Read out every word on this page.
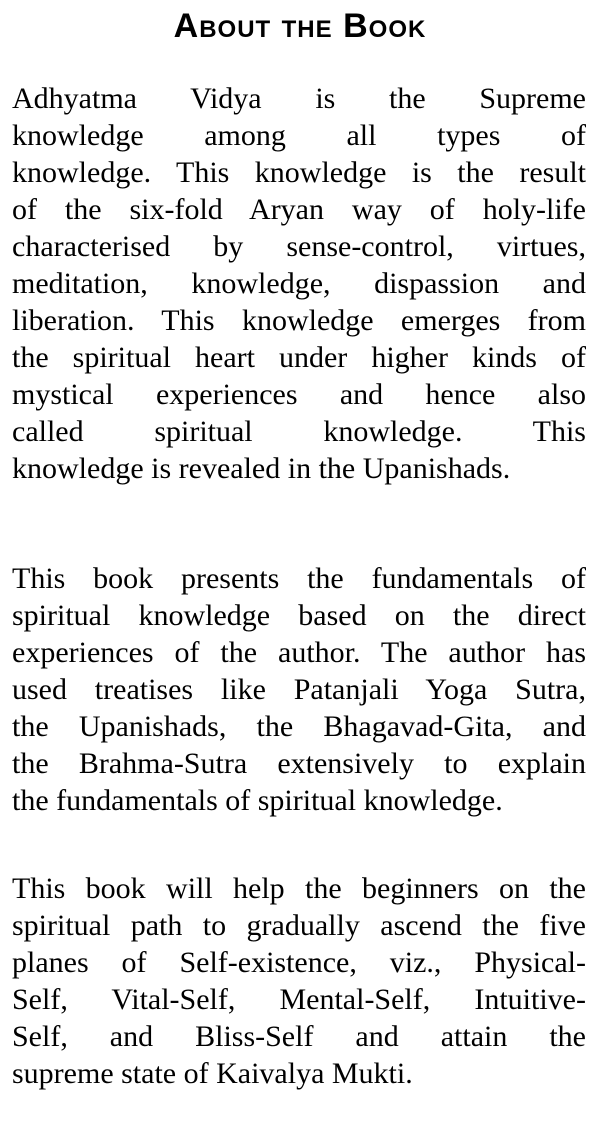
About the Book
Adhyatma Vidya is the Supreme
knowledge among all types of
knowledge. This knowledge is the result
of the six-fold Aryan way of holy-life
characterised by sense-control, virtues,
meditation, knowledge, dispassion and
liberation. This knowledge emerges from
the spiritual heart under higher kinds of
mystical experiences and hence also
called spiritual knowledge. This
knowledge is revealed in the Upanishads.
This book presents the fundamentals of
spiritual knowledge based on the direct
experiences of the author. The author has
used treatises like Patanjali Yoga Sutra,
the Upanishads, the Bhagavad-Gita, and
the Brahma-Sutra extensively to explain
the fundamentals of spiritual knowledge.
This book will help the beginners on the
spiritual path to gradually ascend the five
planes of Self-existence, viz., Physical-
Self, Vital-Self, Mental-Self, Intuitive-
Self, and Bliss-Self and attain the
supreme state of Kaivalya Mukti.
